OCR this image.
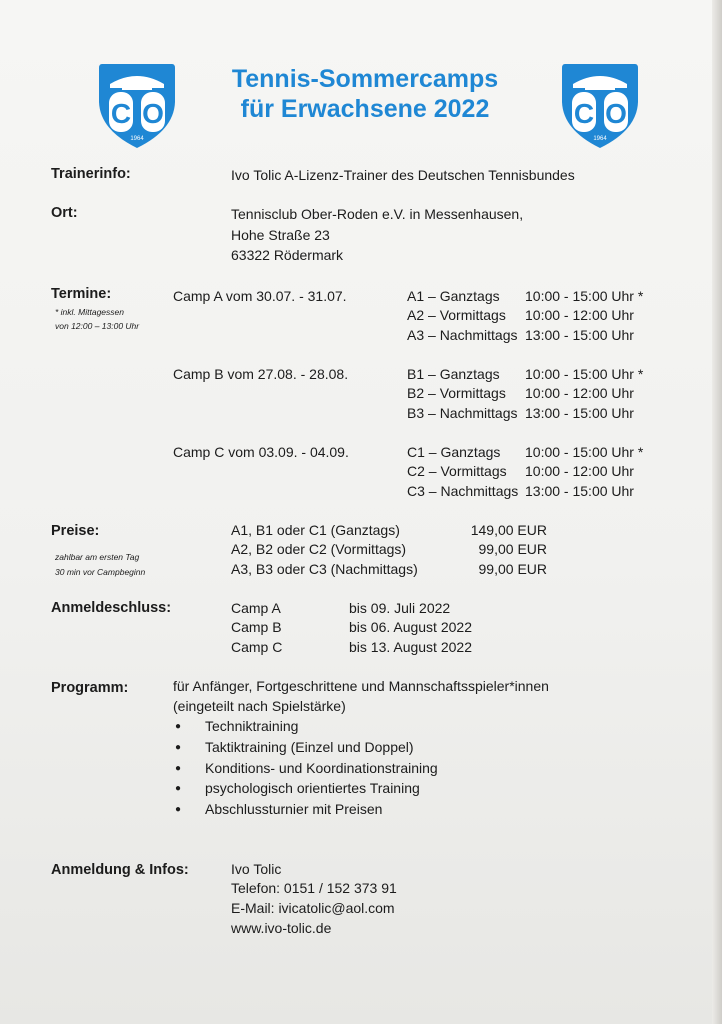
C O
1964
C O
1964
Tennis-Sommercamps
für Erwachsene 2022
Trainerinfo:	Ivo Tolic A-Lizenz-Trainer des Deutschen Tennisbundes
Ort:	Tennisclub Ober-Roden e.V. in Messenhausen,
Hohe Straße 23
63322 Rödermark
Termine:
* inkl. Mittagessen
von 12:00 – 13:00 Uhr
Camp A vom 30.07. - 31.07.	A1 – Ganztags 10:00 - 15:00 Uhr *
A2 – Vormittags 10:00 - 12:00 Uhr
A3 – Nachmittags 13:00 - 15:00 Uhr
Camp B vom 27.08. - 28.08.	B1 – Ganztags 10:00 - 15:00 Uhr *
B2 – Vormittags 10:00 - 12:00 Uhr
B3 – Nachmittags 13:00 - 15:00 Uhr
Camp C vom 03.09. - 04.09.	C1 – Ganztags 10:00 - 15:00 Uhr *
C2 – Vormittags 10:00 - 12:00 Uhr
C3 – Nachmittags 13:00 - 15:00 Uhr
Preise:
zahlbar am ersten Tag
30 min vor Campbeginn
A1, B1 oder C1 (Ganztags)	149,00 EUR
A2, B2 oder C2 (Vormittags)	99,00 EUR
A3, B3 oder C3 (Nachmittags)	99,00 EUR
Anmeldeschluss:	Camp A	bis 09. Juli 2022
Camp B	bis 06. August 2022
Camp C	bis 13. August 2022
Programm:	für Anfänger, Fortgeschrittene und Mannschaftsspieler*innen
(eingeteilt nach Spielstärke)
● Techniktraining
● Taktiktraining (Einzel und Doppel)
● Konditions- und Koordinationstraining
● psychologisch orientiertes Training
● Abschlussturnier mit Preisen
Anmeldung & Infos:	Ivo Tolic
Telefon: 0151 / 152 373 91
E-Mail: ivicatolic@aol.com
www.ivo-tolic.de
